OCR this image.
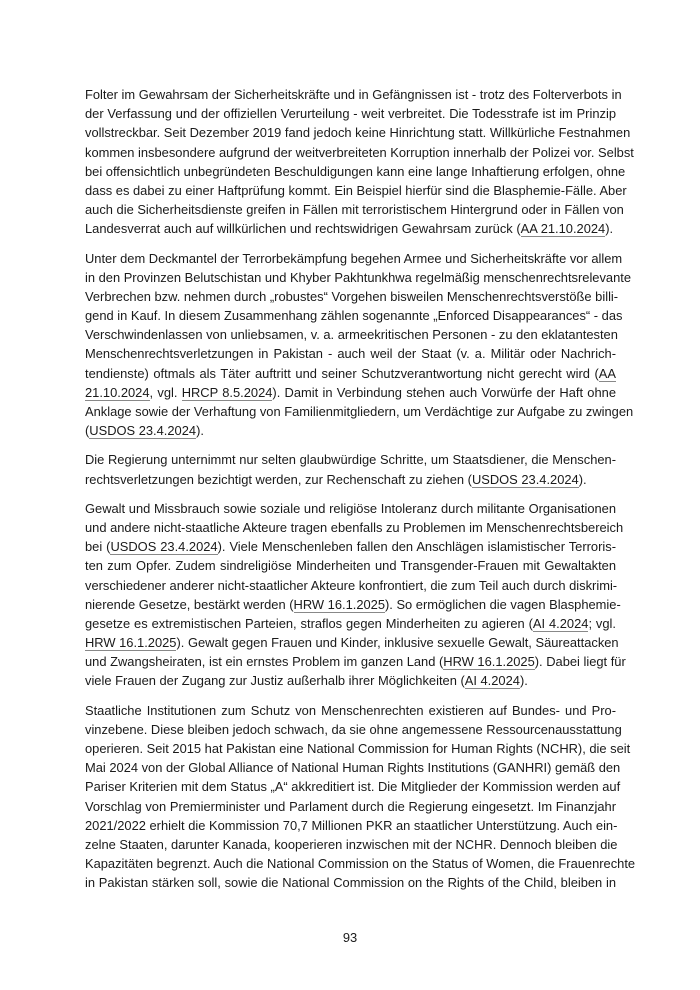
Folter im Gewahrsam der Sicherheitskräfte und in Gefängnissen ist - trotz des Folterverbots in
der Verfassung und der offiziellen Verurteilung - weit verbreitet. Die Todesstrafe ist im Prinzip
vollstreckbar. Seit Dezember 2019 fand jedoch keine Hinrichtung statt. Willkürliche Festnahmen
kommen insbesondere aufgrund der weitverbreiteten Korruption innerhalb der Polizei vor. Selbst
bei offensichtlich unbegründeten Beschuldigungen kann eine lange Inhaftierung erfolgen, ohne
dass es dabei zu einer Haftprüfung kommt. Ein Beispiel hierfür sind die Blasphemie-Fälle. Aber
auch die Sicherheitsdienste greifen in Fällen mit terroristischem Hintergrund oder in Fällen von
Landesverrat auch auf willkürlichen und rechtswidrigen Gewahrsam zurück (AA 21.10.2024).
Unter dem Deckmantel der Terrorbekämpfung begehen Armee und Sicherheitskräfte vor allem
in den Provinzen Belutschistan und Khyber Pakhtunkhwa regelmäßig menschenrechtsrelevante
Verbrechen bzw. nehmen durch „robustes“ Vorgehen bisweilen Menschenrechtsverstöße billi-
gend in Kauf. In diesem Zusammenhang zählen sogenannte „Enforced Disappearances“ - das
Verschwindenlassen von unliebsamen, v. a. armeekritischen Personen - zu den eklatantesten
Menschenrechtsverletzungen in Pakistan - auch weil der Staat (v. a. Militär oder Nachrich-
tendienste) oftmals als Täter auftritt und seiner Schutzverantwortung nicht gerecht wird (AA
21.10.2024, vgl. HRCP 8.5.2024). Damit in Verbindung stehen auch Vorwürfe der Haft ohne
Anklage sowie der Verhaftung von Familienmitgliedern, um Verdächtige zur Aufgabe zu zwingen
(USDOS 23.4.2024).
Die Regierung unternimmt nur selten glaubwürdige Schritte, um Staatsdiener, die Menschen-
rechtsverletzungen bezichtigt werden, zur Rechenschaft zu ziehen (USDOS 23.4.2024).
Gewalt und Missbrauch sowie soziale und religiöse Intoleranz durch militante Organisationen
und andere nicht-staatliche Akteure tragen ebenfalls zu Problemen im Menschenrechtsbereich
bei (USDOS 23.4.2024). Viele Menschenleben fallen den Anschlägen islamistischer Terroris-
ten zum Opfer. Zudem sindreligiöse Minderheiten und Transgender-Frauen mit Gewaltakten
verschiedener anderer nicht-staatlicher Akteure konfrontiert, die zum Teil auch durch diskrimi-
nierende Gesetze, bestärkt werden (HRW 16.1.2025). So ermöglichen die vagen Blasphemie-
gesetze es extremistischen Parteien, straflos gegen Minderheiten zu agieren (AI 4.2024; vgl.
HRW 16.1.2025). Gewalt gegen Frauen und Kinder, inklusive sexuelle Gewalt, Säureattacken
und Zwangsheiraten, ist ein ernstes Problem im ganzen Land (HRW 16.1.2025). Dabei liegt für
viele Frauen der Zugang zur Justiz außerhalb ihrer Möglichkeiten (AI 4.2024).
Staatliche Institutionen zum Schutz von Menschenrechten existieren auf Bundes- und Pro-
vinzebene. Diese bleiben jedoch schwach, da sie ohne angemessene Ressourcenausstattung
operieren. Seit 2015 hat Pakistan eine National Commission for Human Rights (NCHR), die seit
Mai 2024 von der Global Alliance of National Human Rights Institutions (GANHRI) gemäß den
Pariser Kriterien mit dem Status „A“ akkreditiert ist. Die Mitglieder der Kommission werden auf
Vorschlag von Premierminister und Parlament durch die Regierung eingesetzt. Im Finanzjahr
2021/2022 erhielt die Kommission 70,7 Millionen PKR an staatlicher Unterstützung. Auch ein-
zelne Staaten, darunter Kanada, kooperieren inzwischen mit der NCHR. Dennoch bleiben die
Kapazitäten begrenzt. Auch die National Commission on the Status of Women, die Frauenrechte
in Pakistan stärken soll, sowie die National Commission on the Rights of the Child, bleiben in
93
